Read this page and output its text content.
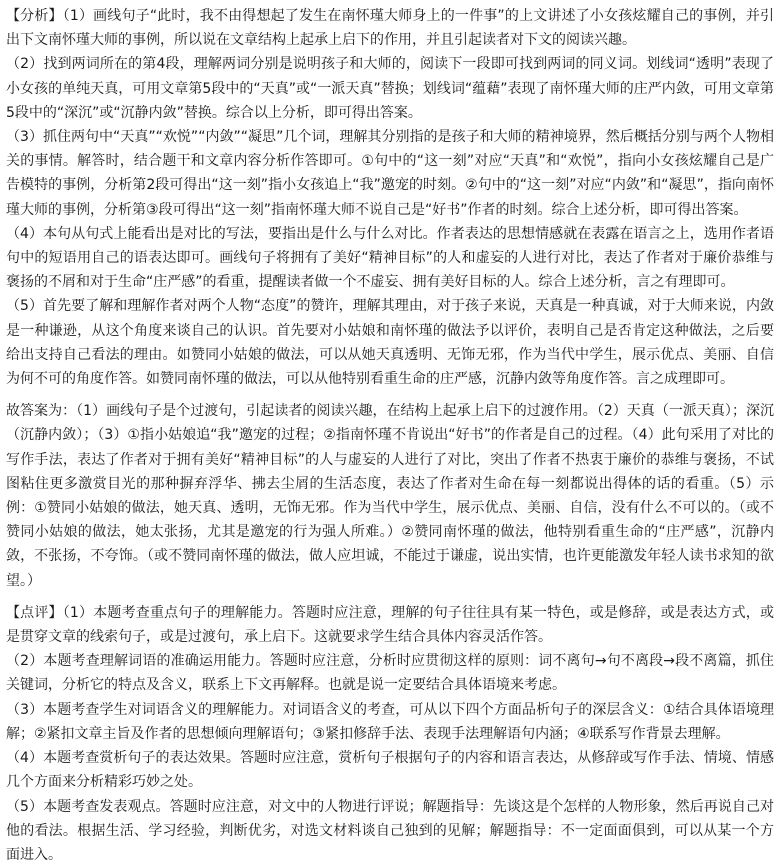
【分析】（1）画线句子“此时，我不由得想起了发生在南怀瑾大师身上的一件事”的上文讲述了小女孩炫耀自己的事例，并引出下文南怀瑾大师的事例，所以说在文章结构上起承上启下的作用，并且引起读者对下文的阅读兴趣。

（2）找到两词所在的第4段，理解两词分别是说明孩子和大师的，阅读下一段即可找到两词的同义词。划线词“透明”表现了小女孩的单纯天真，可用文章第5段中的“天真”或“一派天真”替换；划线词“蕴藉”表现了南怀瑾大师的庄严内敛，可用文章第5段中的“深沉”或“沉静内敛”替换。综合以上分析，即可得出答案。

（3）抓住两句中“天真”“欢悦”“内敛”“凝思”几个词，理解其分别指的是孩子和大师的精神境界，然后概括分别与两个人物相关的事情。解答时，结合题干和文章内容分析作答即可。①句中的“这一刻”对应“天真”和“欢悦”，指向小女孩炫耀自己是广告模特的事例，分析第2段可得出“这一刻”指小女孩追上“我”邀宠的时刻。②句中的“这一刻”对应“内敛”和“凝思”，指向南怀瑾大师的事例，分析第③段可得出“这一刻”指南怀瑾大师不说自己是“好书”作者的时刻。综合上述分析，即可得出答案。

（4）本句从句式上能看出是对比的写法，要指出是什么与什么对比。作者表达的思想情感就在表露在语言之上，选用作者语句中的短语用自己的语表达即可。画线句子将拥有了美好“精神目标”的人和虚妄的人进行对比，表达了作者对于廉价恭维与褒扬的不屑和对于生命“庄严感”的看重，提醒读者做一个不虚妄、拥有美好目标的人。综合上述分析，言之有理即可。

（5）首先要了解和理解作者对两个人物“态度”的赞许，理解其理由，对于孩子来说，天真是一种真诚，对于大师来说，内敛是一种谦逊，从这个角度来谈自己的认识。首先要对小姑娘和南怀瑾的做法予以评价，表明自己是否肯定这种做法，之后要给出支持自己看法的理由。如赞同小姑娘的做法，可以从她天真透明、无饰无邪，作为当代中学生，展示优点、美丽、自信为何不可的角度作答。如赞同南怀瑾的做法，可以从他特别看重生命的庄严感，沉静内敛等角度作答。言之成理即可。

故答案为：（1）画线句子是个过渡句，引起读者的阅读兴趣，在结构上起承上启下的过渡作用。（2）天真（一派天真）；深沉（沉静内敛）；（3）①指小姑娘追“我”邀宠的过程；②指南怀瑾不肯说出“好书”的作者是自己的过程。（4）此句采用了对比的写作手法，表达了作者对于拥有美好“精神目标”的人与虚妄的人进行了对比，突出了作者不热衷于廉价的恭维与褒扬，不试图粘住更多激赏目光的那种摒弃浮华、拂去尘屑的生活态度，表达了作者对生命在每一刻都说出得体的话的看重。（5）示例：①赞同小姑娘的做法，她天真、透明，无饰无邪。作为当代中学生，展示优点、美丽、自信，没有什么不可以的。（或不赞同小姑娘的做法，她太张扬，尤其是邀宠的行为强人所难。）②赞同南怀瑾的做法，他特别看重生命的“庄严感”，沉静内敛，不张扬，不夸饰。（或不赞同南怀瑾的做法，做人应坦诚，不能过于谦虚，说出实情，也许更能激发年轻人读书求知的欲望。）

【点评】（1）本题考查重点句子的理解能力。答题时应注意，理解的句子往往具有某一特色，或是修辞，或是表达方式，或是贯穿文章的线索句子，或是过渡句，承上启下。这就要求学生结合具体内容灵活作答。

（2）本题考查理解词语的准确运用能力。答题时应注意，分析时应贯彻这样的原则：词不离句→句不离段→段不离篇，抓住关键词，分析它的特点及含义，联系上下文再解释。也就是说一定要结合具体语境来考虑。

（3）本题考查学生对词语含义的理解能力。对词语含义的考查，可从以下四个方面品析句子的深层含义：①结合具体语境理解；②紧扣文章主旨及作者的思想倾向理解语句；③紧扣修辞手法、表现手法理解语句内涵；④联系写作背景去理解。

（4）本题考查赏析句子的表达效果。答题时应注意，赏析句子根据句子的内容和语言表达，从修辞或写作手法、情境、情感几个方面来分析精彩巧妙之处。

（5）本题考查发表观点。答题时应注意，对文中的人物进行评说；解题指导：先谈这是个怎样的人物形象，然后再说自己对他的看法。根据生活、学习经验，判断优劣，对选文材料谈自己独到的见解；解题指导：不一定面面俱到，可以从某一个方面进入。
